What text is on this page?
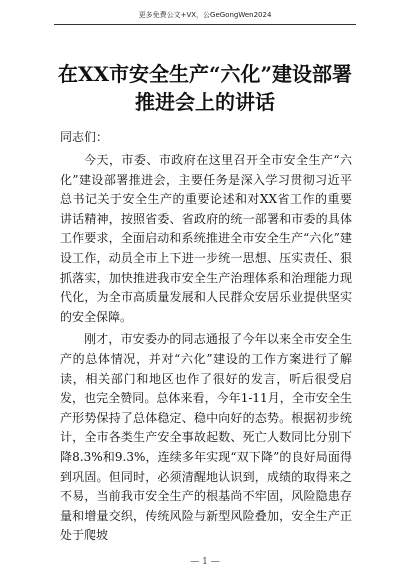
更多免费公文+VX，公GeGongWen2024
在XX市安全生产“六化”建设部署推进会上的讲话

同志们：

今天，市委、市政府在这里召开全市安全生产“六化”建设部署推进会，主要任务是深入学习贯彻习近平总书记关于安全生产的重要论述和对XX省工作的重要讲话精神，按照省委、省政府的统一部署和市委的具体工作要求，全面启动和系统推进全市安全生产“六化”建设工作，动员全市上下进一步统一思想、压实责任、狠抓落实，加快推进我市安全生产治理体系和治理能力现代化，为全市高质量发展和人民群众安居乐业提供坚实的安全保障。

刚才，市安委办的同志通报了今年以来全市安全生产的总体情况，并对“六化”建设的工作方案进行了解读，相关部门和地区也作了很好的发言，听后很受启发，也完全赞同。总体来看，今年1-11月，全市安全生产形势保持了总体稳定、稳中向好的态势。根据初步统计，全市各类生产安全事故起数、死亡人数同比分别下降8.3%和9.3%，连续多年实现“双下降”的良好局面得到巩固。但同时，必须清醒地认识到，成绩的取得来之不易，当前我市安全生产的根基尚不牢固，风险隐患存量和增量交织，传统风险与新型风险叠加，安全生产正处于爬坡

— 1 —
